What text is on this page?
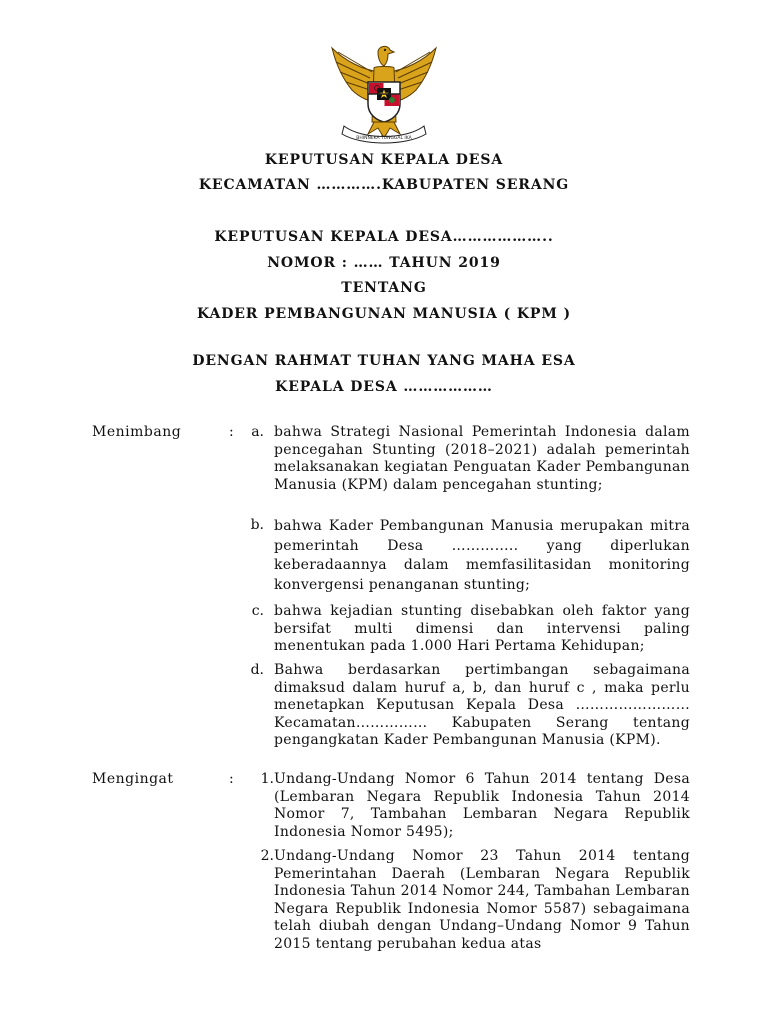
BHINNEKA TUNGGAL IKA
KEPUTUSAN KEPALA DESA
KECAMATAN ………….KABUPATEN SERANG
KEPUTUSAN KEPALA DESA………………..
NOMOR : …… TAHUN 2019
TENTANG
KADER PEMBANGUNAN MANUSIA ( KPM )
DENGAN RAHMAT TUHAN YANG MAHA ESA
KEPALA DESA ………………
Menimbang	:	a. bahwa Strategi Nasional Pemerintah Indonesia dalam pencegahan Stunting (2018–2021) adalah pemerintah melaksanakan kegiatan Penguatan Kader Pembangunan Manusia (KPM) dalam pencegahan stunting;
b. bahwa Kader Pembangunan Manusia merupakan mitra pemerintah Desa ………….. yang diperlukan keberadaannya dalam memfasilitasidan monitoring konvergensi penanganan stunting;
c. bahwa kejadian stunting disebabkan oleh faktor yang bersifat multi dimensi dan intervensi paling menentukan pada 1.000 Hari Pertama Kehidupan;
d. Bahwa berdasarkan pertimbangan sebagaimana dimaksud dalam huruf a, b, dan huruf c , maka perlu menetapkan Keputusan Kepala Desa ……………………Kecamatan…………… Kabupaten Serang tentang pengangkatan Kader Pembangunan Manusia (KPM).
Mengingat	:	1. Undang-Undang Nomor 6 Tahun 2014 tentang Desa (Lembaran Negara Republik Indonesia Tahun 2014 Nomor 7, Tambahan Lembaran Negara Republik Indonesia Nomor 5495);
2. Undang-Undang Nomor 23 Tahun 2014 tentang Pemerintahan Daerah (Lembaran Negara Republik Indonesia Tahun 2014 Nomor 244, Tambahan Lembaran Negara Republik Indonesia Nomor 5587) sebagaimana telah diubah dengan Undang–Undang Nomor 9 Tahun 2015 tentang perubahan kedua atas
